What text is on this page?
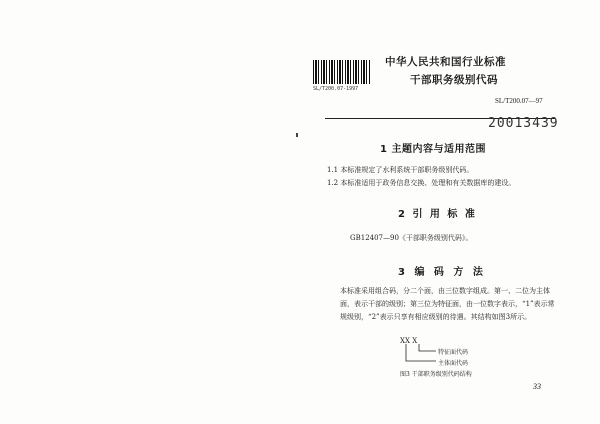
SL/T200.07-1997
中华人民共和国行业标准
干部职务级别代码
SL/T200.07—97
20013439
1 主题内容与适用范围
1.1 本标准规定了水利系统干部职务级别代码。
1.2 本标准适用于政务信息交换、处理和有关数据库的建设。
2 引 用 标 准
GB12407—90《干部职务级别代码》。
3 编 码 方 法
本标准采用组合码，分二个面，由三位数字组成。第一、二位为主体面，表示干部的级别；第三位为特征面，由一位数字表示，“1”表示常规级别，“2”表示只享有相应级别的待遇。其结构如图3所示。
XX X
特征面代码
主体面代码
图3 干部职务级别代码结构
33
